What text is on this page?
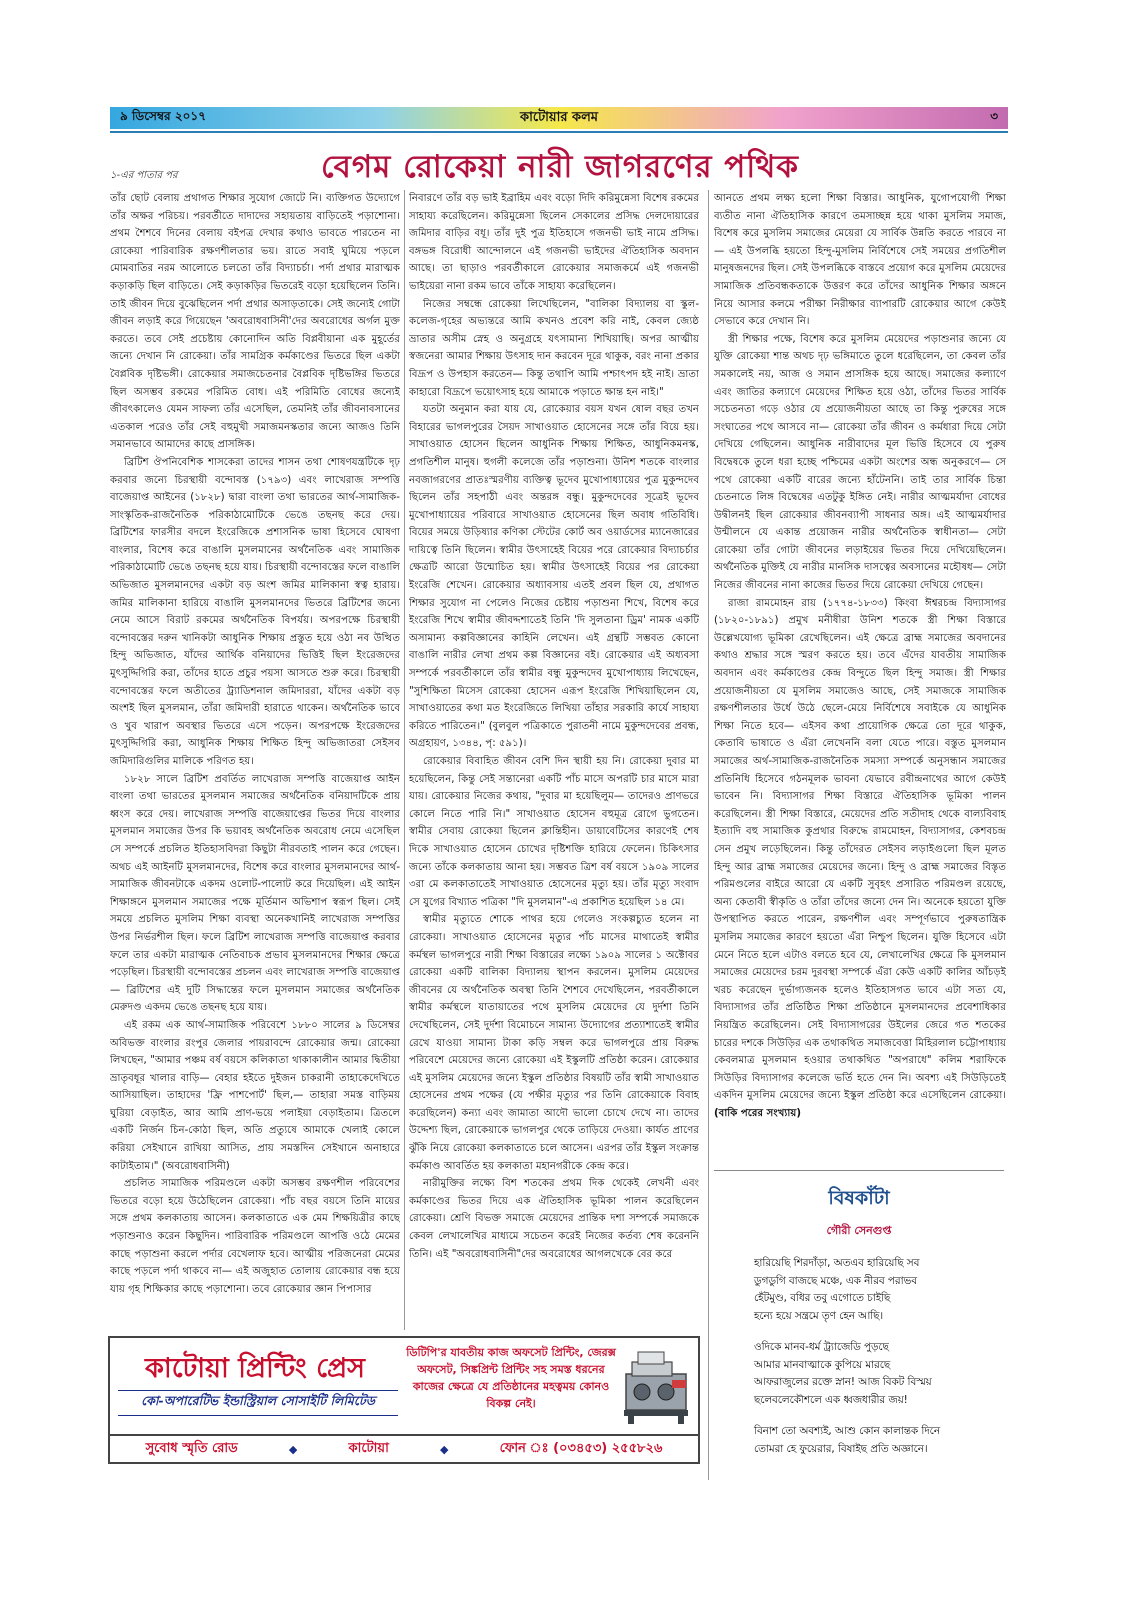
৯ ডিসেম্বর ২০১৭	কাটোয়ার কলম	৩
১-এর পাতার পর	বেগম রোকেয়া নারী জাগরণের পথিক

তাঁর ছোট বেলায় প্রথাগত শিক্ষার সুযোগ জোটে নি। ব্যক্তিগত উদ্যোগে তাঁর অক্ষর পরিচয়। পরবর্তীতে দাদাদের সহায়তায় বাড়িতেই পড়াশোনা। প্রথম শৈশবে দিনের বেলায় বইপত্র দেখার কথাও ভাবতে পারতেন না রোকেয়া পারিবারিক রক্ষণশীলতার ভয়। রাতে সবাই ঘুমিয়ে পড়লে মোমবাতির নরম আলোতে চলতো তাঁর বিদ্যাচর্চা। পর্দা প্রথার মারাত্মক কড়াকড়ি ছিল বাড়িতে। সেই কড়াকড়ির ভিতরেই বড়ো হয়েছিলেন তিনি। তাই জীবন দিয়ে বুঝেছিলেন পর্দা প্রথার অসাড়তাকে। সেই জন্যেই গোটা জীবন লড়াই করে গিয়েছেন 'অবরোধবাসিনী'দের অবরোধের অর্গল মুক্ত করতে। তবে সেই প্রচেষ্টায় কোনোদিন অতি বিপ্লবীয়ানা এক মুহূর্তের জন্যে দেখান নি রোকেয়া। তাঁর সামগ্রিক কর্মকাণ্ডের ভিতরে ছিল একটা বৈপ্লবিক দৃষ্টিভঙ্গী। রোকেয়ার সমাজচেতনার বৈপ্লবিক দৃষ্টিভঙ্গির ভিতরে ছিল অসম্ভব রকমের পরিমিত বোধ। এই পরিমিতি বোধের জন্যেই জীবৎকালেও যেমন সাফল্য তাঁর এসেছিল, তেমনিই তাঁর জীবনাবসানের এতকাল পরেও তাঁর সেই বহুমুখী সমাজমনস্কতার জন্যে আজও তিনি সমানভাবে আমাদের কাছে প্রাসঙ্গিক।

ব্রিটিশ ঔপনিবেশিক শাসকেরা তাদের শাসন তথা শোষণযন্ত্রটিকে দৃঢ় করবার জন্যে চিরস্থায়ী বন্দোবস্ত (১৭৯৩) এবং লাখেরাজ সম্পত্তি বাজেয়াপ্ত আইনের (১৮২৮) দ্বারা বাংলা তথা ভারতের আর্থ-সামাজিক-সাংস্কৃতিক-রাজনৈতিক পরিকাঠামোটিকে ভেঙে তছনছ করে দেয়। ব্রিটিশের ফারসীর বদলে ইংরেজিকে প্রশাসনিক ভাষা হিসেবে ঘোষণা বাংলার, বিশেষ করে বাঙালি মুসলমানের অর্থনৈতিক এবং সামাজিক পরিকাঠামোটি ভেঙে তছনছ হয়ে যায়। চিরস্থায়ী বন্দোবস্তের ফলে বাঙালি অভিজাত মুসলমানদের একটা বড় অংশ জমির মালিকানা স্বত্ব হারায়। জমির মালিকানা হারিয়ে বাঙালি মুসলমানদের ভিতরে ব্রিটিশের জন্যে নেমে আসে বিরাট রকমের অর্থনৈতিক বিপর্যয়। অপরপক্ষে চিরস্থায়ী বন্দোবস্তের দরুন খানিকটা আধুনিক শিক্ষায় প্রস্তুত হয়ে ওঠা নব উত্থিত হিন্দু অভিজাত, যাঁদের আর্থিক বনিয়াদের ভিত্তিই ছিল ইংরেজদের মুৎসুদ্দিগিরি করা, তাঁদের হাতে প্রচুর পয়সা আসতে শুরু করে। চিরস্থায়ী বন্দোবস্তের ফলে অতীতের ট্র্যাডিশনাল জমিদাররা, যাঁদের একটা বড় অংশই ছিল মুসলমান, তাঁরা জমিদারী হারাতে থাকেন। অর্থনৈতিক ভাবে ও খুব খারাপ অবস্থার ভিতরে এসে পড়েন। অপরপক্ষে ইংরেজদের মুৎসুদ্দিগিরি করা, আধুনিক শিক্ষায় শিক্ষিত হিন্দু অভিজাতরা সেইসব জমিদারিগুলির মালিকে পরিণত হয়।

১৮২৮ সালে ব্রিটিশ প্রবর্তিত লাখেরাজ সম্পত্তি বাজেয়াপ্ত আইন বাংলা তথা ভারতের মুসলমান সমাজের অর্থনৈতিক বনিয়াদটিকে প্রায় ধ্বংস করে দেয়। লাখেরাজ সম্পত্তি বাজেয়াপ্তের ভিতর দিয়ে বাংলার মুসলমান সমাজের উপর কি ভয়াবহ অর্থনৈতিক অবরোধ নেমে এসেছিল সে সম্পর্কে প্রচলিত ইতিহাসবিদরা কিছুটা নীরবতাই পালন করে গেছেন। অথচ এই আইনটি মুসলমানদের, বিশেষ করে বাংলার মুসলমানদের আর্থ-সামাজিক জীবনটাকে একদম ওলোট-পালোট করে দিয়েছিল। এই আইন শিক্ষাঙ্গনে মুসলমান সমাজের পক্ষে মূর্তিমান অভিশাপ স্বরূপ ছিল। সেই সময়ে প্রচলিত মুসলিম শিক্ষা ব্যবস্থা অনেকখানিই লাখেরাজ সম্পত্তির উপর নির্ভরশীল ছিল। ফলে ব্রিটিশ লাখেরাজ সম্পত্তি বাজেয়াপ্ত করবার ফলে তার একটা মারাত্মক নেতিবাচক প্রভাব মুসলমানদের শিক্ষার ক্ষেত্রে পড়েছিল। চিরস্থায়ী বন্দোবস্তের প্রচলন এবং লাখেরাজ সম্পত্তি বাজেয়াপ্ত— ব্রিটিশের এই দুটি সিদ্ধান্তের ফলে মুসলমান সমাজের অর্থনৈতিক মেরুদণ্ড একদম ভেঙে তছনছ হয়ে যায়।

এই রকম এক আর্থ-সামাজিক পরিবেশে ১৮৮০ সালের ৯ ডিসেম্বর অবিভক্ত বাংলার রংপুর জেলার পায়রাবন্দে রোকেয়ার জন্ম। রোকেয়া লিখছেন, "আমার পঞ্চম বর্ষ বয়সে কলিকাতা থাকাকালীন আমার দ্বিতীয়া ভ্রাতৃবধূর খালার বাড়ি— বেহার হইতে দুইজন চাকরানী তাহাকেদেখিতে আসিয়াছিল। তাহাদের 'ফ্রি পাশপোর্ট' ছিল,— তাহারা সমস্ত বাড়িময় ঘুরিয়া বেড়াইত, আর আমি প্রাণ-ভয়ে পলাইয়া বেড়াইতাম। ত্রিতলে একটি নির্জন চিন-কোঠা ছিল, অতি প্রত্যুষে আমাকে খেলাই কোলে করিয়া সেইখানে রাখিয়া আসিত, প্রায় সমস্তদিন সেইখানে অনাহারে কাটাইতাম।" (অবরোধবাসিনী)

প্রচলিত সামাজিক পরিমণ্ডলে একটা অসম্ভব রক্ষণশীল পরিবেশের ভিতরে বড়ো হয়ে উঠেছিলেন রোকেয়া। পাঁচ বছর বয়সে তিনি মায়ের সঙ্গে প্রথম কলকাতায় আসেন। কলকাতাতে এক মেম শিক্ষয়িত্রীর কাছে পড়াশুনাও করেন কিছুদিন। পারিবারিক পরিমণ্ডলে আপত্তি ওঠে মেমের কাছে পড়াশুনা করলে পর্দার বেখেলাফ হবে। আত্মীয় পরিজনেরা মেমের কাছে পড়লে পর্দা থাকবে না— এই অজুহাত তোলায় রোকেয়ার বন্ধ হয়ে যায় গৃহ শিক্ষিকার কাছে পড়াশোনা। তবে রোকেয়ার জ্ঞান পিপাসার

নিবারণে তাঁর বড় ভাই ইব্রাহিম এবং বড়ো দিদি করিমুন্নেসা বিশেষ রকমের সাহায্য করেছিলেন। করিমুন্নেসা ছিলেন সেকালের প্রসিদ্ধ দেলদোয়ারের জমিদার বাড়ির বধূ। তাঁর দুই পুত্র ইতিহাসে গজনভী ভাই নামে প্রসিদ্ধ। বঙ্গভঙ্গ বিরোধী আন্দোলনে এই গজনভী ভাইদের ঐতিহাসিক অবদান আছে। তা ছাড়াও পরবর্তীকালে রোকেয়ার সমাজকর্মে এই গজনভী ভাইয়েরা নানা রকম ভাবে তাঁকে সাহায্য করেছিলেন।

নিজের সম্বন্ধে রোকেয়া লিখেছিলেন, "বালিকা বিদ্যালয় বা স্কুল-কলেজ-গৃহের অভ্যন্তরে আমি কখনও প্রবেশ করি নাই, কেবল জ্যেষ্ঠ ভ্রাতার অসীম স্নেহ ও অনুগ্রহে যৎসামান্য শিখিয়াছি। অপর আত্মীয় স্বজনেরা আমার শিক্ষায় উৎসাহ দান করবেন দূরে থাকুক, বরং নানা প্রকার বিদ্রূপ ও উপহাস করতেন— কিন্তু তথাপি আমি পশ্চাৎপদ হই নাই। ভ্রাতা কাহারো বিদ্রূপে ভয়োৎসাহ হয়ে আমাকে পড়াতে ক্ষান্ত হন নাই।"

যতটা অনুমান করা যায় যে, রোকেয়ার বয়স যখন ষোল বছর তখন বিহারের ভাগলপুরের সৈয়দ সাখাওয়াত হোসেনের সঙ্গে তাঁর বিয়ে হয়। সাখাওয়াত হোসেন ছিলেন আধুনিক শিক্ষায় শিক্ষিত, আধুনিকমনস্ক, প্রগতিশীল মানুষ। হুগলী কলেজে তাঁর পড়াশুনা। উনিশ শতকে বাংলার নবজাগরণের প্রাতঃস্মরণীয় ব্যক্তিত্ব ভূদেব মুখোপাধ্যায়ের পুত্র মুকুন্দদেব ছিলেন তাঁর সহপাঠী এবং অন্তরঙ্গ বন্ধু। মুকুন্দদেবের সূত্রেই ভূদেব মুখোপাধ্যায়ের পরিবারে সাখাওয়াত হোসেনের ছিল অবাধ গতিবিধি। বিয়ের সময়ে উড়িষ্যার কণিকা স্টেটের কোর্ট অব ওয়ার্ডসের ম্যানেজারের দায়িত্বে তিনি ছিলেন। স্বামীর উৎসাহেই বিয়ের পরে রোকেয়ার বিদ্যাচর্চার ক্ষেত্রটি আরো উন্মোচিত হয়। স্বামীর উৎসাহেই বিয়ের পর রোকেয়া ইংরেজি শেখেন। রোকেয়ার অধ্যাবসায় এতই প্রবল ছিল যে, প্রথাগত শিক্ষার সুযোগ না পেলেও নিজের চেষ্টায় পড়াশুনা শিখে, বিশেষ করে ইংরেজি শিখে স্বামীর জীবদ্দশাতেই তিনি 'দি সুলতানা ড্রিম' নামক একটি অসামান্য কল্পবিজ্ঞানের কাহিনি লেখেন। এই গ্রন্থটি সম্ভবত কোনো বাঙালি নারীর লেখা প্রথম কল্প বিজ্ঞানের বই। রোকেয়ার এই অধ্যবসা সম্পর্কে পরবর্তীকালে তাঁর স্বামীর বন্ধু মুকুন্দদেব মুখোপাধ্যায় লিখেছেন, "সুশিক্ষিতা মিসেস রোকেয়া হোসেন এরূপ ইংরেজি শিখিয়াছিলেন যে, সাখাওয়াতের কথা মত ইংরেজিতে লিখিয়া তাঁহার সরকারি কার্যে সাহায্য করিতে পারিতেন।" (বুলবুল পত্রিকাতে পুরাতনী নামে মুকুন্দদেবের প্রবন্ধ, অগ্রহায়ণ, ১৩৪৪, পৃ: ৫৯১)।

রোকেয়ার বিবাহিত জীবন বেশি দিন স্থায়ী হয় নি। রোকেয়া দুবার মা হয়েছিলেন, কিন্তু সেই সন্তানেরা একটি পাঁচ মাসে অপরটি চার মাসে মারা যায়। রোকেয়ার নিজের কথায়, "দুবার মা হয়েছিলুম— তাদেরও প্রাণভরে কোলে নিতে পারি নি।" সাখাওয়াত হোসেন বহুমূত্র রোগে ভুগতেন। স্বামীর সেবায় রোকেয়া ছিলেন ক্লান্তিহীন। ডায়াবেটিসের কারণেই শেষ দিকে সাখাওয়াত হোসেন চোখের দৃষ্টিশক্তি হারিয়ে ফেলেন। চিকিৎসার জন্যে তাঁকে কলকাতায় আনা হয়। সম্ভবত ত্রিশ বর্ষ বয়সে ১৯০৯ সালের ৩রা মে কলকাতাতেই সাখাওয়াত হোসেনের মৃত্যু হয়। তাঁর মৃত্যু সংবাদ সে যুগের বিখ্যাত পত্রিকা "দি মুসলমান"-এ প্রকাশিত হয়েছিল ১৪ মে।

স্বামীর মৃত্যুতে শোকে পাথর হয়ে গেলেও সংকল্পচ্যুত হলেন না রোকেয়া। সাখাওয়াত হোসেনের মৃত্যুর পাঁচ মাসের মাথাতেই স্বামীর কর্মস্থল ভাগলপুরে নারী শিক্ষা বিস্তারের লক্ষ্যে ১৯০৯ সালের ১ অক্টোবর রোকেয়া একটি বালিকা বিদ্যালয় স্থাপন করলেন। মুসলিম মেয়েদের জীবনের যে অর্থনৈতিক অবস্থা তিনি শৈশবে দেখেছিলেন, পরবর্তীকালে স্বামীর কর্মস্থলে যাতায়াতের পথে মুসলিম মেয়েদের যে দুর্দশা তিনি দেখেছিলেন, সেই দুর্দশা বিমোচনে সামান্য উদ্যোগের প্রত্যাশাতেই স্বামীর রেখে যাওয়া সামান্য টাকা কড়ি সম্বল করে ভাগলপুরে প্রায় বিরুদ্ধ পরিবেশে মেয়েদের জন্যে রোকেয়া এই ইস্কুলটি প্রতিষ্ঠা করেন। রোকেয়ার এই মুসলিম মেয়েদের জন্যে ইস্কুল প্রতিষ্ঠার বিষয়টি তাঁর স্বামী সাখাওয়াত হোসেনের প্রথম পক্ষের (যে পক্ষীর মৃত্যুর পর তিনি রোকেয়াকে বিবাহ করেছিলেন) কন্যা এবং জামাতা আদৌ ভালো চোখে দেখে না। তাদের উদ্দেশ্য ছিল, রোকেয়াকে ভাগলপুর থেকে তাড়িয়ে দেওয়া। কার্যত প্রাণের ঝুঁকি নিয়ে রোকেয়া কলকাতাতে চলে আসেন। এরপর তাঁর ইস্কুল সংক্রান্ত কর্মকাণ্ড আবর্তিত হয় কলকাতা মহানগরীকে কেন্দ্র করে।

নারীমুক্তির লক্ষ্যে বিশ শতকের প্রথম দিক থেকেই লেখনী এবং কর্মকাণ্ডের ভিতর দিয়ে এক ঐতিহাসিক ভূমিকা পালন করেছিলেন রোকেয়া। শ্রেণি বিভক্ত সমাজে মেয়েদের প্রান্তিক দশা সম্পর্কে সমাজকে কেবল লেখালেখির মাধ্যমে সচেতন করেই নিজের কর্তব্য শেষ করেননি তিনি। এই "অবরোধবাসিনী"দের অবরোধের আগলখেকে বের করে

আনতে প্রথম লক্ষ্য হলো শিক্ষা বিস্তার। আধুনিক, যুগোপযোগী শিক্ষা ব্যতীত নানা ঐতিহাসিক কারণে তমসাচ্ছন্ন হয়ে থাকা মুসলিম সমাজ, বিশেষ করে মুসলিম সমাজের মেয়েরা যে সার্বিক উন্নতি করতে পারবে না— এই উপলব্ধি হয়তো হিন্দু-মুসলিম নির্বিশেষে সেই সময়ের প্রগতিশীল মানুষজনদের ছিল। সেই উপলব্ধিকে বাস্তবে প্রয়োগ করে মুসলিম মেয়েদের সামাজিক প্রতিবন্ধকতাকে উত্তরণ করে তাঁদের আধুনিক শিক্ষার অঙ্গনে নিয়ে আসার কলমে পরীক্ষা নিরীক্ষার ব্যাপারটি রোকেয়ার আগে কেউই সেভাবে করে দেখান নি।

স্ত্রী শিক্ষার পক্ষে, বিশেষ করে মুসলিম মেয়েদের পড়াশুনার জন্যে যে যুক্তি রোকেয়া শান্ত অথচ দৃঢ় ভঙ্গিমাতে তুলে ধরেছিলেন, তা কেবল তাঁর সমকালেই নয়, আজ ও সমান প্রাসঙ্গিক হয়ে আছে। সমাজের কল্যাণে এবং জাতির কল্যাণে মেয়েদের শিক্ষিত হয়ে ওঠা, তাঁদের ভিতর সার্বিক সচেতনতা গড়ে ওঠার যে প্রয়োজনীয়তা আছে তা কিন্তু পুরুষের সঙ্গে সংঘাতের পথে আসবে না— রোকেয়া তাঁর জীবন ও কর্মধারা দিয়ে সেটা দেখিয়ে গেছিলেন। আধুনিক নারীবাদের মূল ভিত্তি হিসেবে যে পুরুষ বিদ্বেষকে তুলে ধরা হচ্ছে পশ্চিমের একটা অংশের অন্ধ অনুকরণে— সে পথে রোকেয়া একটি বারের জন্যে হাঁটেননি। তাই তার সার্বিক চিন্তা চেতনাতে লিঙ্গ বিদ্বেষের এতটুকু ইঙ্গিত নেই। নারীর আত্মমর্যাদা বোধের উদ্বীলনই ছিল রোকেয়ার জীবনব্যাপী সাধনার অঙ্গ। এই আত্মমর্যাদার উন্মীলনে যে একান্ত প্রয়োজন নারীর অর্থনৈতিক স্বাধীনতা— সেটা রোকেয়া তাঁর গোটা জীবনের লড়াইয়ের ভিতর দিয়ে দেখিয়েছিলেন। অর্থনৈতিক মুক্তিই যে নারীর মানসিক দাসত্বের অবসানের মহৌষধ— সেটা নিজের জীবনের নানা কাজের ভিতর দিয়ে রোকেয়া দেখিয়ে গেছেন।

রাজা রামমোহন রায় (১৭৭৪-১৮৩৩) কিংবা ঈশ্বরচন্দ্র বিদ্যাসাগর (১৮২০-১৮৯১) প্রমুখ মনীষীরা উনিশ শতকে স্ত্রী শিক্ষা বিস্তারে উল্লেখযোগ্য ভূমিকা রেখেছিলেন। এই ক্ষেত্রে ব্রাহ্ম সমাজের অবদানের কথাও শ্রদ্ধার সঙ্গে স্মরণ করতে হয়। তবে এঁদের যাবতীয় সামাজিক অবদান এবং কর্মকাণ্ডের কেন্দ্র বিন্দুতে ছিল হিন্দু সমাজ। স্ত্রী শিক্ষার প্রয়োজনীয়তা যে মুসলিম সমাজেও আছে, সেই সমাজকে সামাজিক রক্ষণশীলতার উর্ধে উঠে ছেলে-মেয়ে নির্বিশেষে সবাইকে যে আধুনিক শিক্ষা নিতে হবে— এইসব কথা প্রায়োগিক ক্ষেত্রে তো দূরে থাকুক, কেতাবি ভাষাতে ও এঁরা লেখেননি বলা যেতে পারে। বস্তুত মুসলমান সমাজের অর্থ-সামাজিক-রাজনৈতিক সমস্যা সম্পর্কে অনুসন্ধান সমাজের প্রতিনিধি হিসেবে গঠনমূলক ভাবনা যেভাবে রবীন্দ্রনাথের আগে কেউই ভাবেন নি। বিদ্যাসাগর শিক্ষা বিস্তারে ঐতিহাসিক ভূমিকা পালন করেছিলেন। স্ত্রী শিক্ষা বিস্তারে, মেয়েদের প্রতি সতীদাহ থেকে বাল্যবিবাহ ইত্যাদি বহু সামাজিক কুপ্রথার বিরুদ্ধে রামমোহন, বিদ্যাসাগর, কেশবচন্দ্র সেন প্রমুখ লড়েছিলেন। কিন্তু তাঁদেরত সেইসব লড়াইগুলো ছিল মূলত হিন্দু আর ব্রাহ্ম সমাজের মেয়েদের জন্যে। হিন্দু ও ব্রাহ্ম সমাজের বিস্তৃত পরিমণ্ডলের বাইরে আরো যে একটি সুবৃহৎ প্রসারিত পরিমণ্ডল রয়েছে, অন্য কেতাবী স্বীকৃতি ও তাঁরা তাঁদের জন্যে দেন নি। অনেকে হয়তো যুক্তি উপস্থাপিত করতে পারেন, রক্ষণশীল এবং সম্পূর্ণভাবে পুরুষতান্ত্রিক মুসলিম সমাজের কারণে হয়তো এঁরা নিশ্চুপ ছিলেন। যুক্তি হিসেবে এটা মেনে নিতে হলে এটাও বলতে হবে যে, লেখালেখির ক্ষেত্রে কি মুসলমান সমাজের মেয়েদের চরম দুরবস্থা সম্পর্কে এঁরা কেউ একটি কালির আঁচড়ই খরচ করেছেন দুর্ভাগ্যজনক হলেও ইতিহাসগত ভাবে এটা সত্য যে, বিদ্যাসাগর তাঁর প্রতিষ্ঠিত শিক্ষা প্রতিষ্ঠানে মুসলমানদের প্রবেশাধিকার নিয়ন্ত্রিত করেছিলেন। সেই বিদ্যাসাগরের উইলের জেরে গত শতকের চারের দশকে সিউড়ির এক তথাকথিত সমাজবেত্তা মিহিরলাল চট্টোপাধ্যায় কেবলমাত্র মুসলমান হওয়ার তথাকথিত "অপরাধে" কলিম শরাফিকে সিউড়ির বিদ্যাসাগর কলেজে ভর্তি হতে দেন নি। অবশ্য এই সিউড়িতেই একদিন মুসলিম মেয়েদের জন্যে ইস্কুল প্রতিষ্ঠা করে এসেছিলেন রোকেয়া। (বাকি পরের সংখ্যায়)

বিষকাঁটা
গৌরী সেনগুপ্ত
হারিয়েছি শিরদাঁড়া, অতএব হারিয়েছি সব
ডুগডুগি বাজছে মঞ্চে, এক নীরব পরাভব
হেঁটমুণ্ড, বধির তবু এগোতে চাইছি
হন্যে হয়ে সন্ত্রমে তৃণ হেন আছি।
ওদিকে মানব-ধর্ম ট্র্যাজেডি পুড়ছে
আমার মানবাত্মাকে কুপিয়ে মারছে
আফরাজুলের রক্তে স্নান! আজ বিকট বিস্ময়
ছলেবলেকৌশলে এক ধ্বজধারীর জয়!
বিনাশ তো অবশ্যই, আশু কোন কালান্তক দিনে
তোমরা হে ফুয়েরার, বিষাইছ প্রতি অজ্ঞানে।
কাটোয়া প্রিন্টিং প্রেস
কো-অপারেটিভ ইন্ডাস্ট্রিয়াল সোসাইটি লিমিটেড
ডিটিপি'র যাবতীয় কাজ অফসেট প্রিন্টিং, জেরক্স অফসেট, সিঙ্কপ্রিন্ট প্রিন্টিং সহ সমস্ত ধরনের কাজের ক্ষেত্রে যে প্রতিষ্ঠানের মহত্বময় কোনও বিকল্প নেই।
সুবোধ স্মৃতি রোড	◆	কাটোয়া	◆	ফোন ঃ (০৩৪৫৩) ২৫৫৮২৬
